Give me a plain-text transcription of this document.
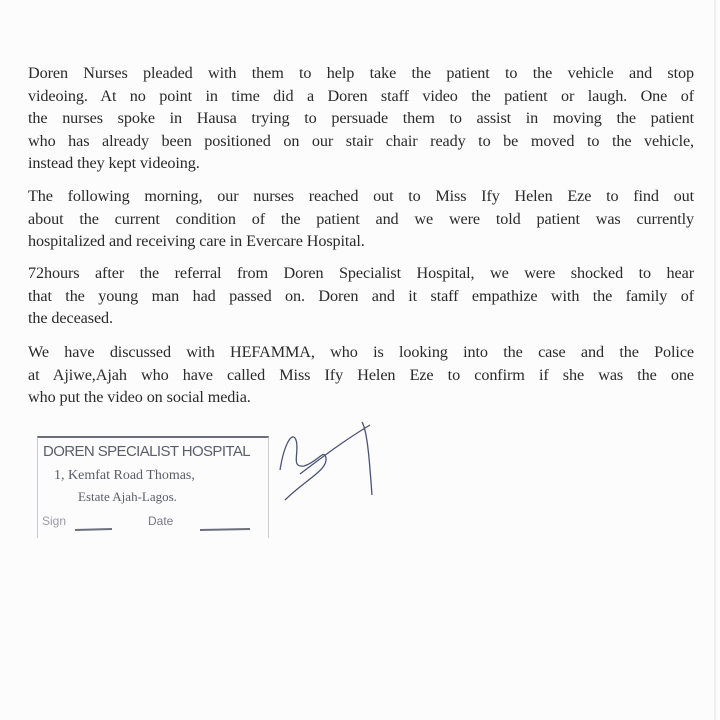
Doren Nurses pleaded with them to help take the patient to the vehicle and stop
videoing. At no point in time did a Doren staff video the patient or laugh. One of
the nurses spoke in Hausa trying to persuade them to assist in moving the patient
who has already been positioned on our stair chair ready to be moved to the vehicle,
instead they kept videoing.
The following morning, our nurses reached out to Miss Ify Helen Eze to find out
about the current condition of the patient and we were told patient was currently
hospitalized and receiving care in Evercare Hospital.
72hours after the referral from Doren Specialist Hospital, we were shocked to hear
that the young man had passed on. Doren and it staff empathize with the family of
the deceased.
We have discussed with HEFAMMA, who is looking into the case and the Police
at Ajiwe,Ajah who have called Miss Ify Helen Eze to confirm if she was the one
who put the video on social media.
DOREN SPECIALIST HOSPITAL
1, Kemfat Road Thomas,
Estate Ajah-Lagos.
Sign	Date
